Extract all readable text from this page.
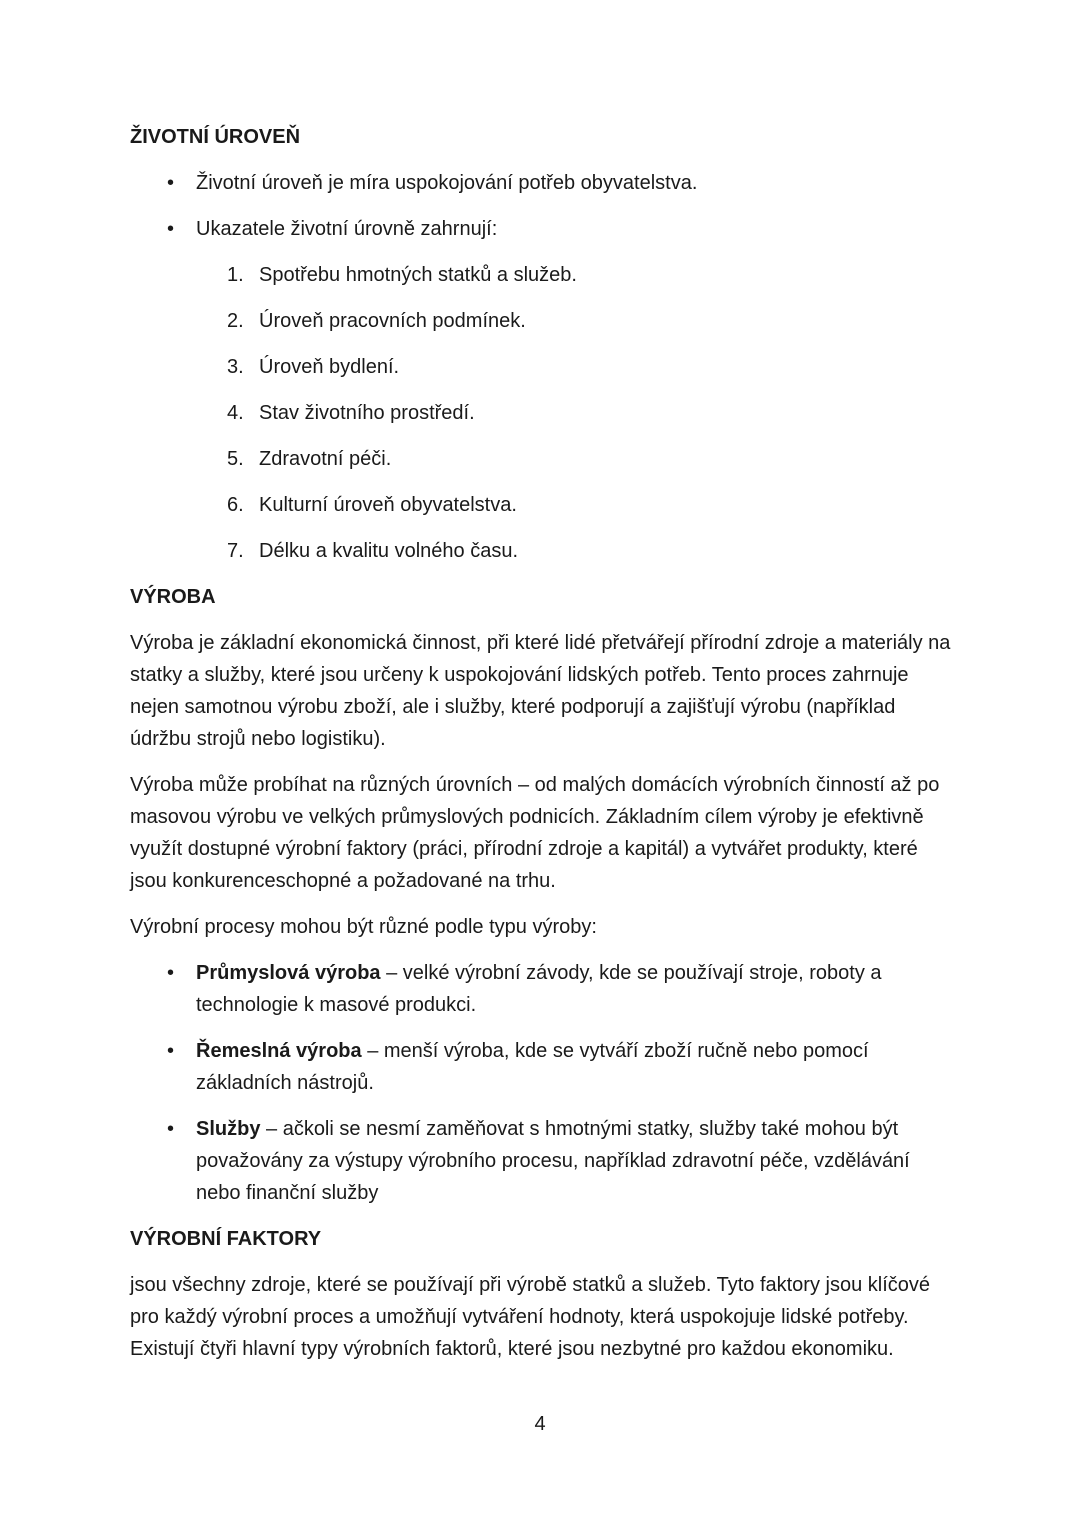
ŽIVOTNÍ ÚROVEŇ
• Životní úroveň je míra uspokojování potřeb obyvatelstva.
• Ukazatele životní úrovně zahrnují:
1. Spotřebu hmotných statků a služeb.
2. Úroveň pracovních podmínek.
3. Úroveň bydlení.
4. Stav životního prostředí.
5. Zdravotní péči.
6. Kulturní úroveň obyvatelstva.
7. Délku a kvalitu volného času.
VÝROBA

Výroba je základní ekonomická činnost, při které lidé přetvářejí přírodní zdroje a materiály na statky a služby, které jsou určeny k uspokojování lidských potřeb. Tento proces zahrnuje nejen samotnou výrobu zboží, ale i služby, které podporují a zajišťují výrobu (například údržbu strojů nebo logistiku).

Výroba může probíhat na různých úrovních – od malých domácích výrobních činností až po masovou výrobu ve velkých průmyslových podnicích. Základním cílem výroby je efektivně využít dostupné výrobní faktory (práci, přírodní zdroje a kapitál) a vytvářet produkty, které jsou konkurenceschopné a požadované na trhu.

Výrobní procesy mohou být různé podle typu výroby:

• Průmyslová výroba – velké výrobní závody, kde se používají stroje, roboty a technologie k masové produkci.
• Řemeslná výroba – menší výroba, kde se vytváří zboží ručně nebo pomocí základních nástrojů.
• Služby – ačkoli se nesmí zaměňovat s hmotnými statky, služby také mohou být považovány za výstupy výrobního procesu, například zdravotní péče, vzdělávání nebo finanční služby
VÝROBNÍ FAKTORY

jsou všechny zdroje, které se používají při výrobě statků a služeb. Tyto faktory jsou klíčové pro každý výrobní proces a umožňují vytváření hodnoty, která uspokojuje lidské potřeby. Existují čtyři hlavní typy výrobních faktorů, které jsou nezbytné pro každou ekonomiku.

4
